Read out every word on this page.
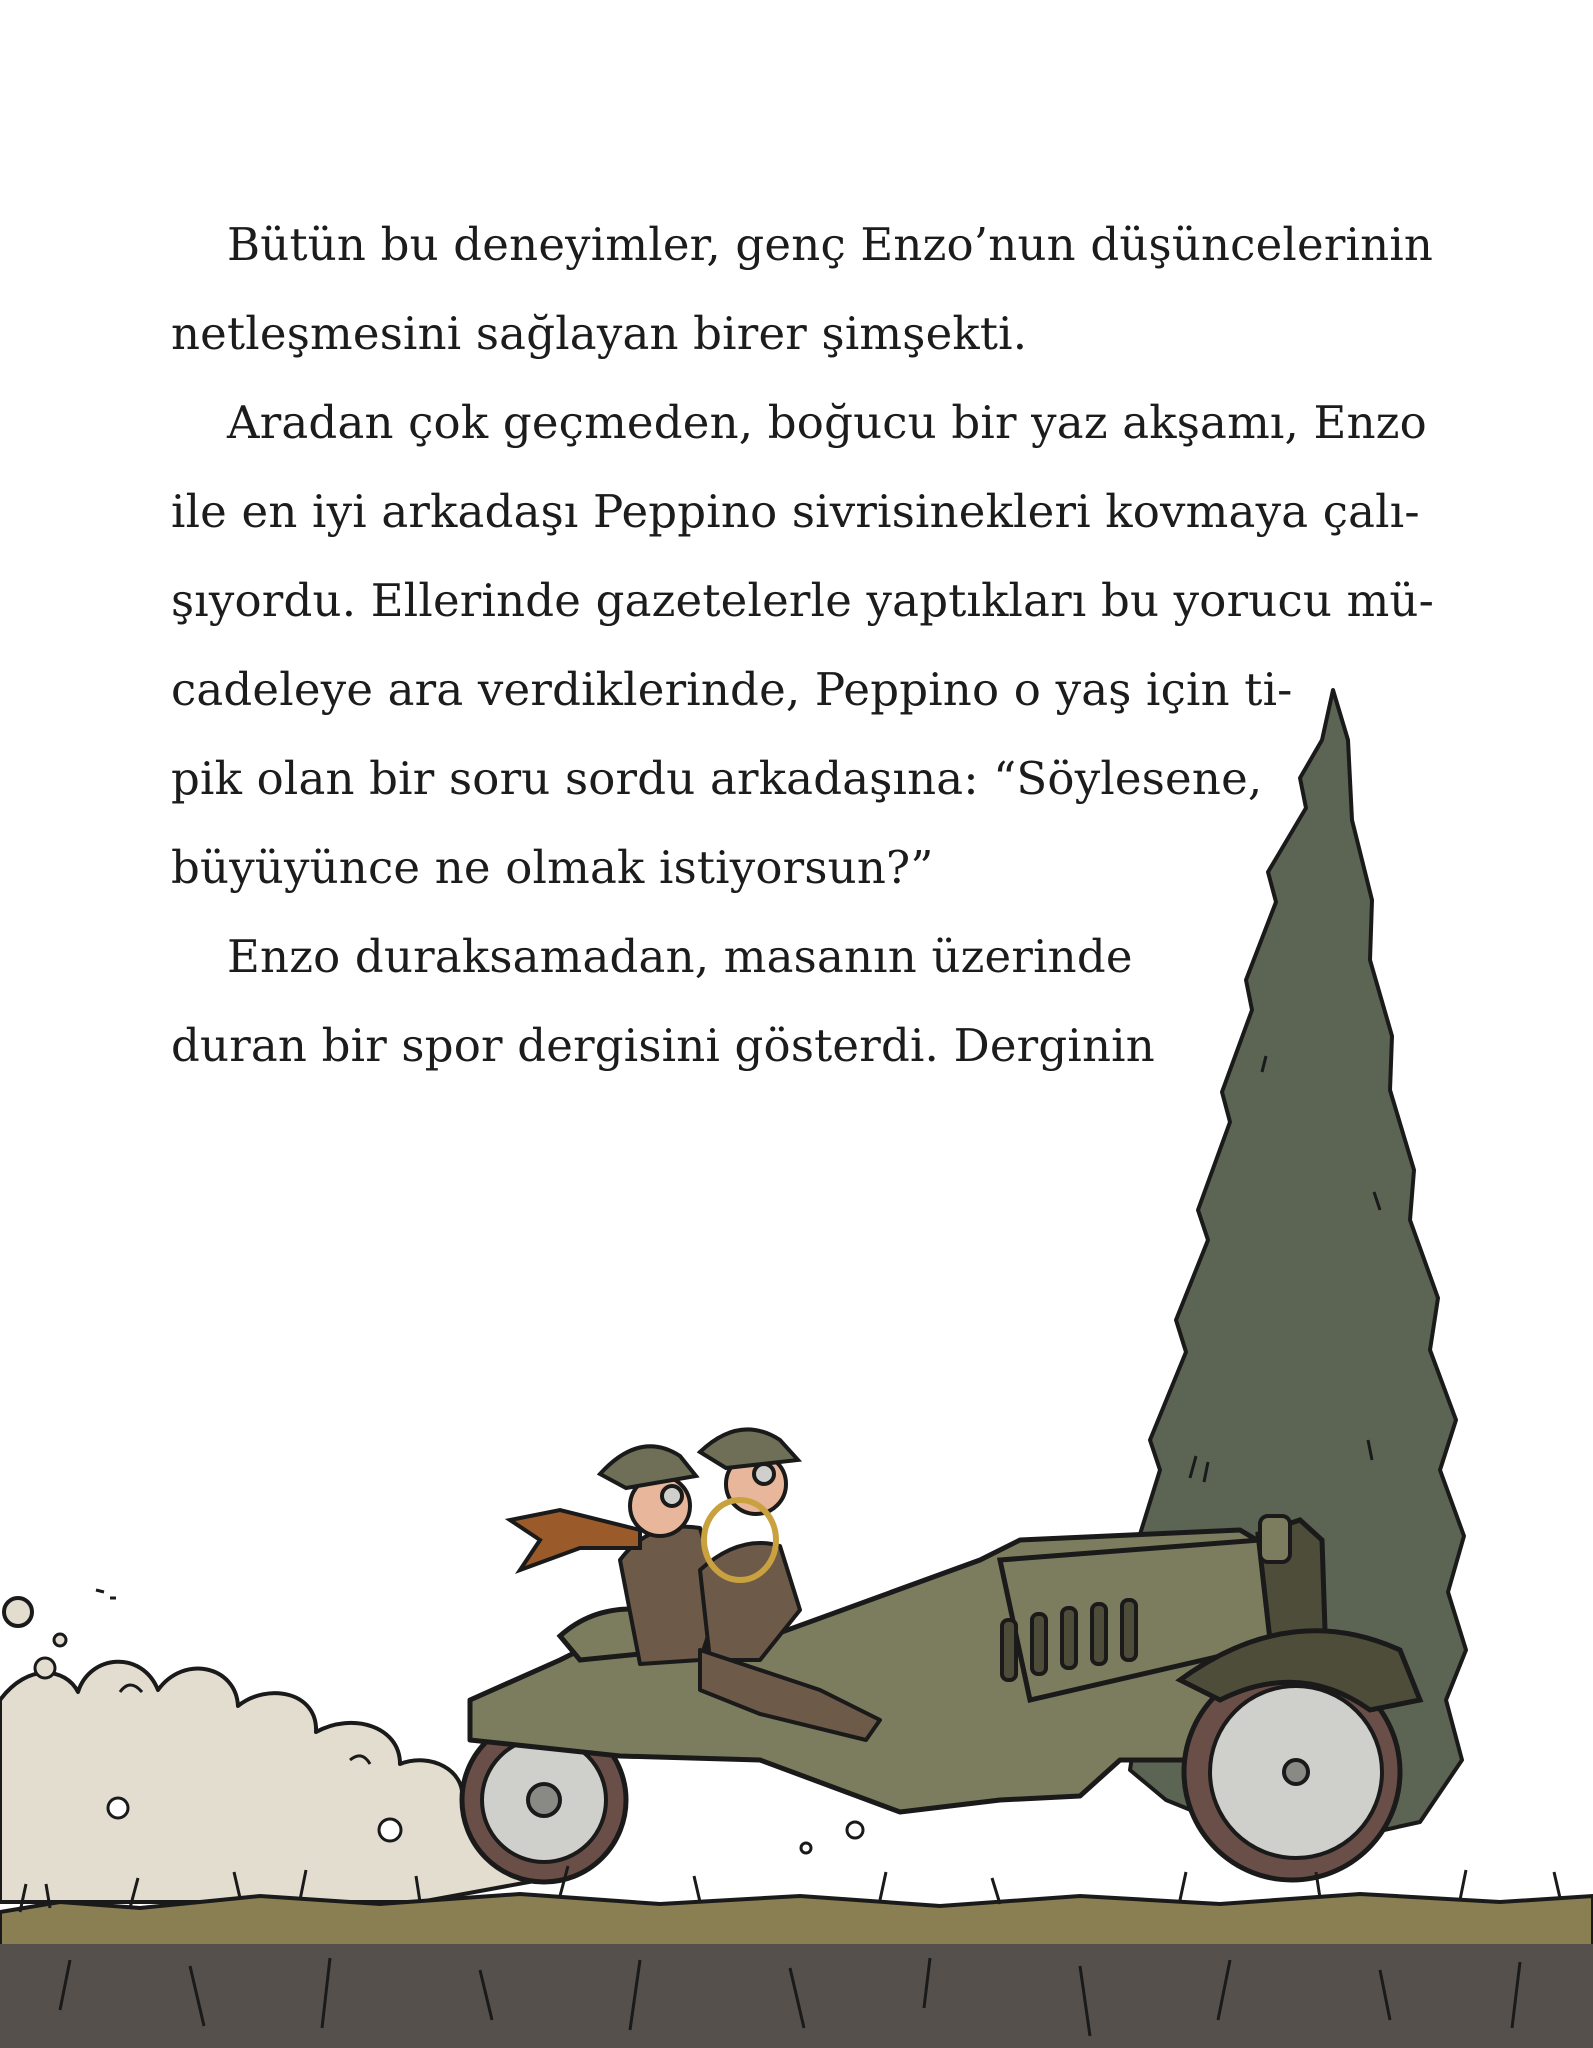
Bütün bu deneyimler, genç Enzo’nun düşüncelerinin
netleşmesini sağlayan birer şimşekti.
Aradan çok geçmeden, boğucu bir yaz akşamı, Enzo
ile en iyi arkadaşı Peppino sivrisinekleri kovmaya çalı-
şıyordu. Ellerinde gazetelerle yaptıkları bu yorucu mü-
cadeleye ara verdiklerinde, Peppino o yaş için ti-
pik olan bir soru sordu arkadaşına: “Söylesene,
büyüyünce ne olmak istiyorsun?”
Enzo duraksamadan, masanın üzerinde
duran bir spor dergisini gösterdi. Derginin
